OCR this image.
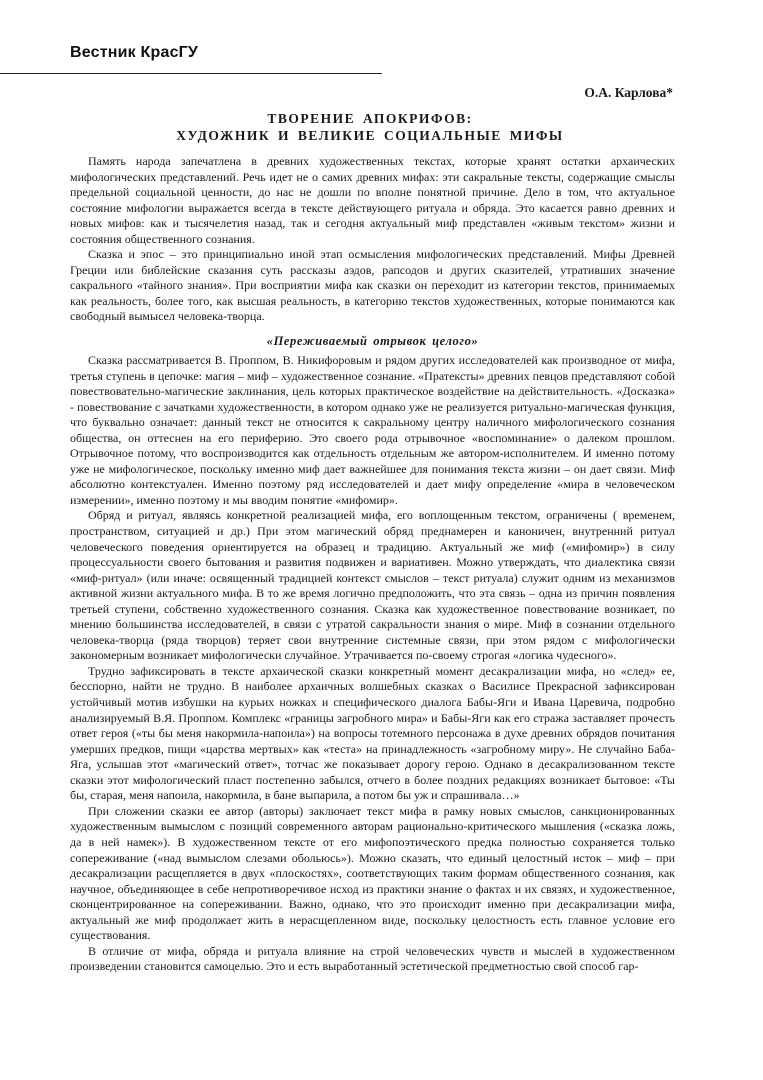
Вестник КрасГУ
О.А. Карлова*
ТВОРЕНИЕ АПОКРИФОВ:
ХУДОЖНИК И ВЕЛИКИЕ СОЦИАЛЬНЫЕ МИФЫ

Память народа запечатлена в древних художественных текстах, которые хранят остатки архаических мифологических представлений. Речь идет не о самих древних мифах: эти сакральные тексты, содержащие смыслы предельной социальной ценности, до нас не дошли по вполне понятной причине. Дело в том, что актуальное состояние мифологии выражается всегда в тексте действующего ритуала и обряда. Это касается равно древних и новых мифов: как и тысячелетия назад, так и сегодня актуальный миф представлен «живым текстом» жизни и состояния общественного сознания.

Сказка и эпос – это принципиально иной этап осмысления мифологических представлений. Мифы Древней Греции или библейские сказания суть рассказы аэдов, рапсодов и других сказителей, утративших значение сакрального «тайного знания». При восприятии мифа как сказки он переходит из категории текстов, принимаемых как реальность, более того, как высшая реальность, в категорию текстов художественных, которые понимаются как свободный вымысел человека-творца.

«Переживаемый отрывок целого»

Сказка рассматривается В. Проппом, В. Никифоровым и рядом других исследователей как производное от мифа, третья ступень в цепочке: магия – миф – художественное сознание. «Пратексты» древних певцов представляют собой повествовательно-магические заклинания, цель которых практическое воздействие на действительность. «Досказка» - повествование с зачатками художественности, в котором однако уже не реализуется ритуально-магическая функция, что буквально означает: данный текст не относится к сакральному центру наличного мифологического сознания общества, он оттеснен на его периферию. Это своего рода отрывочное «воспоминание» о далеком прошлом. Отрывочное потому, что воспроизводится как отдельность отдельным же автором-исполнителем. И именно потому уже не мифологическое, поскольку именно миф дает важнейшее для понимания текста жизни – он дает связи. Миф абсолютно контекстуален. Именно поэтому ряд исследователей и дает мифу определение «мира в человеческом измерении», именно поэтому и мы вводим понятие «мифомир».

Обряд и ритуал, являясь конкретной реализацией мифа, его воплощенным текстом, ограничены ( временем, пространством, ситуацией и др.) При этом магический обряд преднамерен и каноничен, внутренний ритуал человеческого поведения ориентируется на образец и традицию. Актуальный же миф («мифомир») в силу процессуальности своего бытования и развития подвижен и вариативен. Можно утверждать, что диалектика связи «миф-ритуал» (или иначе: освященный традицией контекст смыслов – текст ритуала) служит одним из механизмов активной жизни актуального мифа. В то же время логично предположить, что эта связь – одна из причин появления третьей ступени, собственно художественного сознания. Сказка как художественное повествование возникает, по мнению большинства исследователей, в связи с утратой сакральности знания о мире. Миф в сознании отдельного человека-творца (ряда творцов) теряет свои внутренние системные связи, при этом рядом с мифологически закономерным возникает мифологически случайное. Утрачивается по-своему строгая «логика чудесного».

Трудно зафиксировать в тексте архаической сказки конкретный момент десакрализации мифа, но «след» ее, бесспорно, найти не трудно. В наиболее архаичных волшебных сказках о Василисе Прекрасной зафиксирован устойчивый мотив избушки на курьих ножках и специфического диалога Бабы-Яги и Ивана Царевича, подробно анализируемый В.Я. Проппом. Комплекс «границы загробного мира» и Бабы-Яги как его стража заставляет прочесть ответ героя («ты бы меня накормила-напоила») на вопросы тотемного персонажа в духе древних обрядов почитания умерших предков, пищи «царства мертвых» как «теста» на принадлежность «загробному миру». Не случайно Баба-Яга, услышав этот «магический ответ», тотчас же показывает дорогу герою. Однако в десакрализованном тексте сказки этот мифологический пласт постепенно забылся, отчего в более поздних редакциях возникает бытовое: «Ты бы, старая, меня напоила, накормила, в бане выпарила, а потом бы уж и спрашивала…»

При сложении сказки ее автор (авторы) заключает текст мифа в рамку новых смыслов, санкционированных художественным вымыслом с позиций современного авторам рационально-критического мышления («сказка ложь, да в ней намек»). В художественном тексте от его мифопоэтического предка полностью сохраняется только сопереживание («над вымыслом слезами обольюсь»). Можно сказать, что единый целостный исток – миф – при десакрализации расщепляется в двух «плоскостях», соответствующих таким формам общественного сознания, как научное, объединяющее в себе непротиворечивое исход из практики знание о фактах и их связях, и художественное, сконцентрированное на сопереживании. Важно, однако, что это происходит именно при десакрализации мифа, актуальный же миф продолжает жить в нерасщепленном виде, поскольку целостность есть главное условие его существования.

В отличие от мифа, обряда и ритуала влияние на строй человеческих чувств и мыслей в художественном произведении становится самоцелью. Это и есть выработанный эстетической предметностью свой способ гар-
